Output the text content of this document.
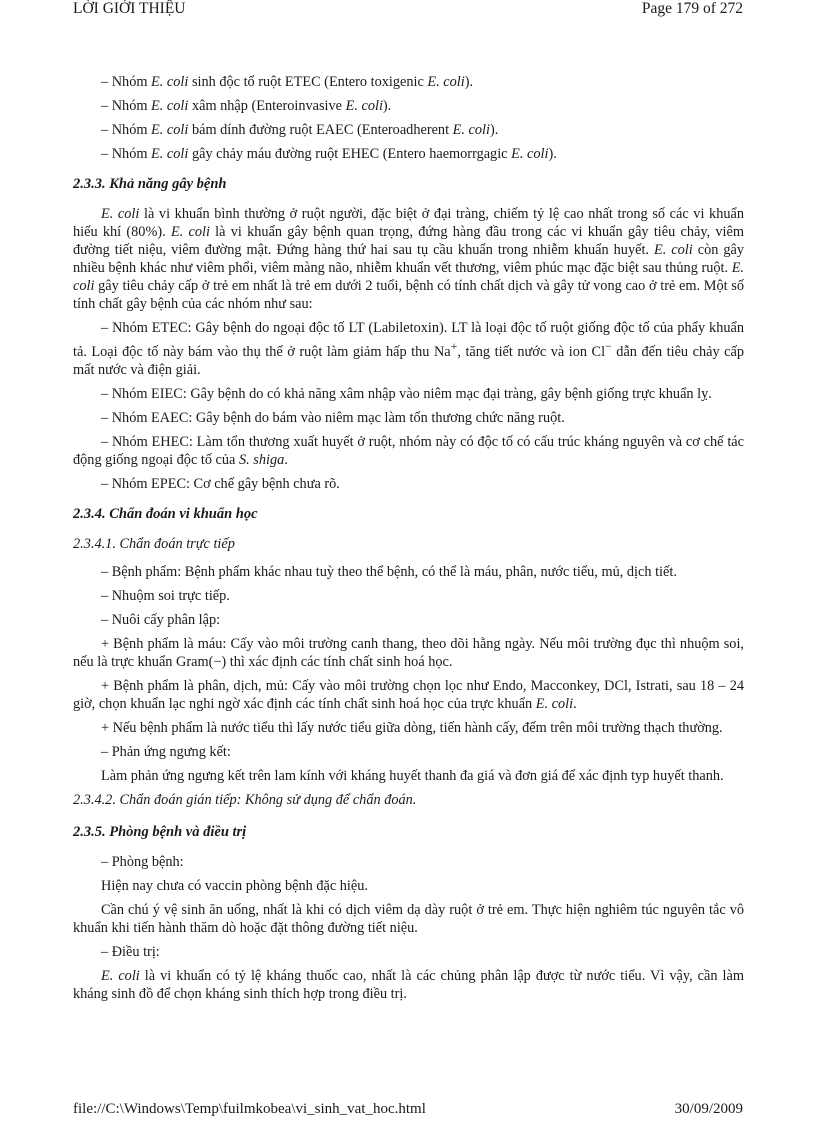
LỜI GIỚI THIỆU	Page 179 of 272

– Nhóm E. coli sinh độc tố ruột ETEC (Entero toxigenic E. coli).

– Nhóm E. coli xâm nhập (Enteroinvasive E. coli).

– Nhóm E. coli bám dính đường ruột EAEC (Enteroadherent E. coli).

– Nhóm E. coli gây chảy máu đường ruột EHEC (Entero haemorrgagic E. coli).

2.3.3. Khả năng gây bệnh

E. coli là vi khuẩn bình thường ở ruột người, đặc biệt ở đại tràng, chiếm tỷ lệ cao nhất trong số các vi khuẩn hiếu khí (80%). E. coli là vi khuẩn gây bệnh quan trọng, đứng hàng đầu trong các vi khuẩn gây tiêu chảy, viêm đường tiết niệu, viêm đường mật. Đứng hàng thứ hai sau tụ cầu khuẩn trong nhiễm khuẩn huyết. E. coli còn gây nhiều bệnh khác như viêm phổi, viêm màng não, nhiễm khuẩn vết thương, viêm phúc mạc đặc biệt sau thủng ruột. E. coli gây tiêu chảy cấp ở trẻ em nhất là trẻ em dưới 2 tuổi, bệnh có tính chất dịch và gây tử vong cao ở trẻ em. Một số tính chất gây bệnh của các nhóm như sau:

– Nhóm ETEC: Gây bệnh do ngoại độc tố LT (Labiletoxin). LT là loại độc tố ruột giống độc tố của phẩy khuẩn tả. Loại độc tố này bám vào thụ thể ở ruột làm giảm hấp thu Na+, tăng tiết nước và ion Cl− dẫn đến tiêu chảy cấp mất nước và điện giải.

– Nhóm EIEC: Gây bệnh do có khả năng xâm nhập vào niêm mạc đại tràng, gây bệnh giống trực khuẩn lỵ.

– Nhóm EAEC: Gây bệnh do bám vào niêm mạc làm tổn thương chức năng ruột.

– Nhóm EHEC: Làm tổn thương xuất huyết ở ruột, nhóm này có độc tố có cấu trúc kháng nguyên và cơ chế tác động giống ngoại độc tố của S. shiga.

– Nhóm EPEC: Cơ chế gây bệnh chưa rõ.

2.3.4. Chẩn đoán vi khuẩn học

2.3.4.1. Chẩn đoán trực tiếp

– Bệnh phẩm: Bệnh phẩm khác nhau tuỳ theo thể bệnh, có thể là máu, phân, nước tiểu, mủ, dịch tiết.

– Nhuộm soi trực tiếp.

– Nuôi cấy phân lập:

+ Bệnh phẩm là máu: Cấy vào môi trường canh thang, theo dõi hằng ngày. Nếu môi trường đục thì nhuộm soi, nếu là trực khuẩn Gram(−) thì xác định các tính chất sinh hoá học.

+ Bệnh phẩm là phân, dịch, mủ: Cấy vào môi trường chọn lọc như Endo, Macconkey, DCl, Istrati, sau 18 – 24 giờ, chọn khuẩn lạc nghi ngờ xác định các tính chất sinh hoá học của trực khuẩn E. coli.

+ Nếu bệnh phẩm là nước tiểu thì lấy nước tiểu giữa dòng, tiến hành cấy, đếm trên môi trường thạch thường.

– Phản ứng ngưng kết:

Làm phản ứng ngưng kết trên lam kính với kháng huyết thanh đa giá và đơn giá để xác định typ huyết thanh.

2.3.4.2. Chẩn đoán gián tiếp: Không sử dụng để chẩn đoán.

2.3.5. Phòng bệnh và điều trị

– Phòng bệnh:

Hiện nay chưa có vaccin phòng bệnh đặc hiệu.

Cần chú ý vệ sinh ăn uống, nhất là khi có dịch viêm dạ dày ruột ở trẻ em. Thực hiện nghiêm túc nguyên tắc vô khuẩn khi tiến hành thăm dò hoặc đặt thông đường tiết niệu.

– Điều trị:

E. coli là vi khuẩn có tỷ lệ kháng thuốc cao, nhất là các chủng phân lập được từ nước tiểu. Vì vậy, cần làm kháng sinh đồ để chọn kháng sinh thích hợp trong điều trị.

file://C:\Windows\Temp\fuilmkobea\vi_sinh_vat_hoc.html	30/09/2009
